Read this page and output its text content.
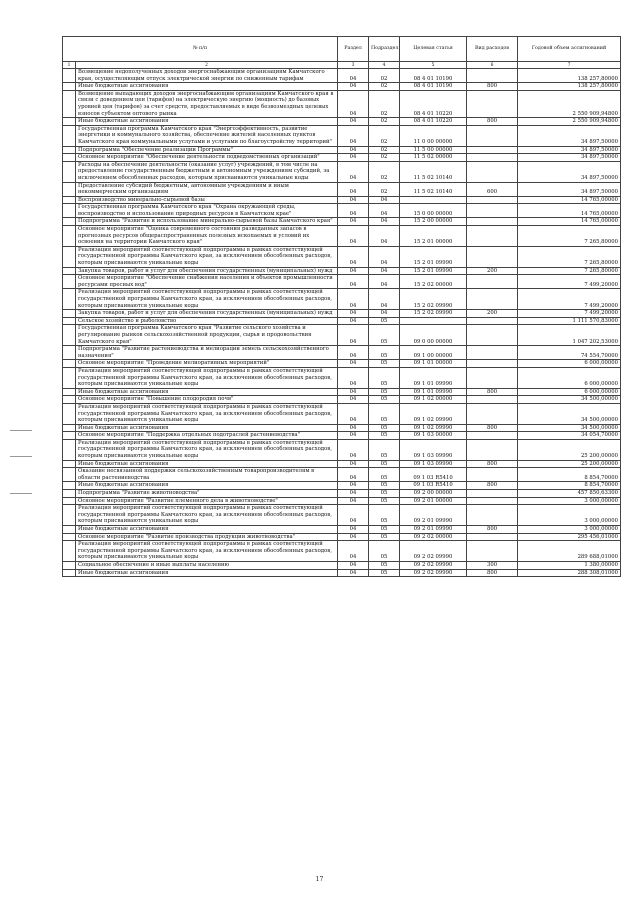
№ п/п		Раздел	Подраздел	Целевая статья	Вид расходов	Годовой объем ассигнований
1	2	3	4	5	6	7
	Возмещение недополученных доходов энергоснабжающим организациям Камчатского края, осуществляющим отпуск электрической энергии по сниженным тарифам	04	02	08 4 01 10190		138 257,80000
	Иные бюджетные ассигнования	04	02	08 4 01 10190	800	138 257,80000
	Возмещение выпадающих доходов энергоснабжающим организациям Камчатского края в связи с доведением цен (тарифов) на электрическую энергию (мощность) до базовых уровней цен (тарифов) за счет средств, предоставляемых в виде безвозмездных целевых взносов субъектом оптового рынка	04	02	08 4 01 10220		2 550 909,94800
	Иные бюджетные ассигнования	04	02	08 4 01 10220	800	2 550 909,94800
	Государственная программа Камчатского края "Энергоэффективность, развитие энергетики и коммунального хозяйства, обеспечение жителей населенных пунктов Камчатского края коммунальными услугами и услугами по благоустройству территорий"	04	02	11 0 00 00000		34 897,50000
	Подпрограмма "Обеспечение реализации Программы"	04	02	11 5 00 00000		34 897,50000
	Основное мероприятие "Обеспечение деятельности подведомственных организаций"	04	02	11 5 02 00000		34 897,50000
	Расходы на обеспечение деятельности (оказание услуг) учреждений, в том числе на предоставление государственным бюджетным и автономным учреждениям субсидий, за исключением обособленных расходов, которым присваиваются уникальные коды	04	02	11 5 02 10140		34 897,50000
	Предоставление субсидий бюджетным, автономным учреждениям и иным некоммерческим организациям	04	02	11 5 02 10140	600	34 897,50000
	Воспроизводство минерально-сырьевой базы	04	04			14 765,00000
	Государственная программа Камчатского края "Охрана окружающей среды, воспроизводство и использование природных ресурсов в Камчатском крае"	04	04	15 0 00 00000		14 765,00000
	Подпрограмма "Развитие и использование минерально-сырьевой базы Камчатского края"	04	04	15 2 00 00000		14 765,00000
	Основное мероприятие "Оценка современного состояния разведанных запасов в прогнозных ресурсов общераспространенных полезных ископаемых и условий их освоения на территории Камчатского края"	04	04	15 2 01 00000		7 265,80000
	Реализация мероприятий соответствующей подпрограммы в рамках соответствующей государственной программы Камчатского края, за исключением обособленных расходов, которым присваиваются уникальные коды	04	04	15 2 01 09990		7 265,80000
	Закупка товаров, работ и услуг для обеспечения государственных (муниципальных) нужд	04	04	15 2 01 09990	200	7 265,80000
	Основное мероприятие "Обеспечение снабжения населения и объектов промышленности ресурсами пресных вод"	04	04	15 2 02 00000		7 499,20000
	Реализация мероприятий соответствующей подпрограммы в рамках соответствующей государственной программы Камчатского края, за исключением обособленных расходов, которым присваиваются уникальные коды	04	04	15 2 02 09990		7 499,20000
	Закупка товаров, работ и услуг для обеспечения государственных (муниципальных) нужд	04	04	15 2 02 09990	200	7 499,20000
	Сельское хозяйство и рыболовство	04	05			1 111 570,83000
	Государственная программа Камчатского края "Развитие сельского хозяйства и регулирование рынков сельскохозяйственной продукции, сырья и продовольствия Камчатского края"	04	05	09 0 00 00000		1 047 202,53000
	Подпрограмма "Развитие растениеводства и мелиорации земель сельскохозяйственного назначения"	04	05	09 1 00 00000		74 554,70000
	Основное мероприятие "Проведение мелиоративных мероприятий"	04	05	09 1 01 00000		6 000,00000
	Реализация мероприятий соответствующей подпрограммы в рамках соответствующей государственной программы Камчатского края, за исключением обособленных расходов, которым присваиваются уникальные коды	04	05	09 1 01 09990		6 000,00000
	Иные бюджетные ассигнования	04	05	09 1 01 09990	800	6 000,00000
	Основное мероприятие "Повышение плодородия почв"	04	05	09 1 02 00000		34 500,00000
	Реализация мероприятий соответствующей подпрограммы в рамках соответствующей государственной программы Камчатского края, за исключением обособленных расходов, которым присваиваются уникальные коды	04	05	09 1 02 09990		34 500,00000
	Иные бюджетные ассигнования	04	05	09 1 02 09990	800	34 500,00000
	Основное мероприятие "Поддержка отдельных подотраслей растениеводства"	04	05	09 1 03 00000		34 054,70000
	Реализация мероприятий соответствующей подпрограммы в рамках соответствующей государственной программы Камчатского края, за исключением обособленных расходов, которым присваиваются уникальные коды	04	05	09 1 03 09990		25 200,00000
	Иные бюджетные ассигнования	04	05	09 1 03 09990	800	25 200,00000
	Оказание несвязанной поддержки сельскохозяйственным товаропроизводителям в области растениеводства	04	05	09 1 03 R5410		8 854,70000
	Иные бюджетные ассигнования	04	05	09 1 03 R5410	800	8 854,70000
	Подпрограмма "Развитие животноводства"	04	05	09 2 00 00000		457 850,63300
	Основное мероприятие "Развитие племенного дела в животноводстве"	04	05	09 2 01 00000		3 000,00000
	Реализация мероприятий соответствующей подпрограммы в рамках соответствующей государственной программы Камчатского края, за исключением обособленных расходов, которым присваиваются уникальные коды	04	05	09 2 01 09990		3 000,00000
	Иные бюджетные ассигнования	04	05	09 2 01 09990	800	3 000,00000
	Основное мероприятие "Развитие производства продукции животноводства"	04	05	09 2 02 00000		295 456,01000
	Реализация мероприятий соответствующей подпрограммы в рамках соответствующей государственной программы Камчатского края, за исключением обособленных расходов, которым присваиваются уникальные коды	04	05	09 2 02 09990		289 688,01000
	Социальное обеспечение и иные выплаты населению	04	05	09 2 02 09990	300	1 380,00000
	Иные бюджетные ассигнования	04	05	09 2 02 09990	800	288 308,01000
17
